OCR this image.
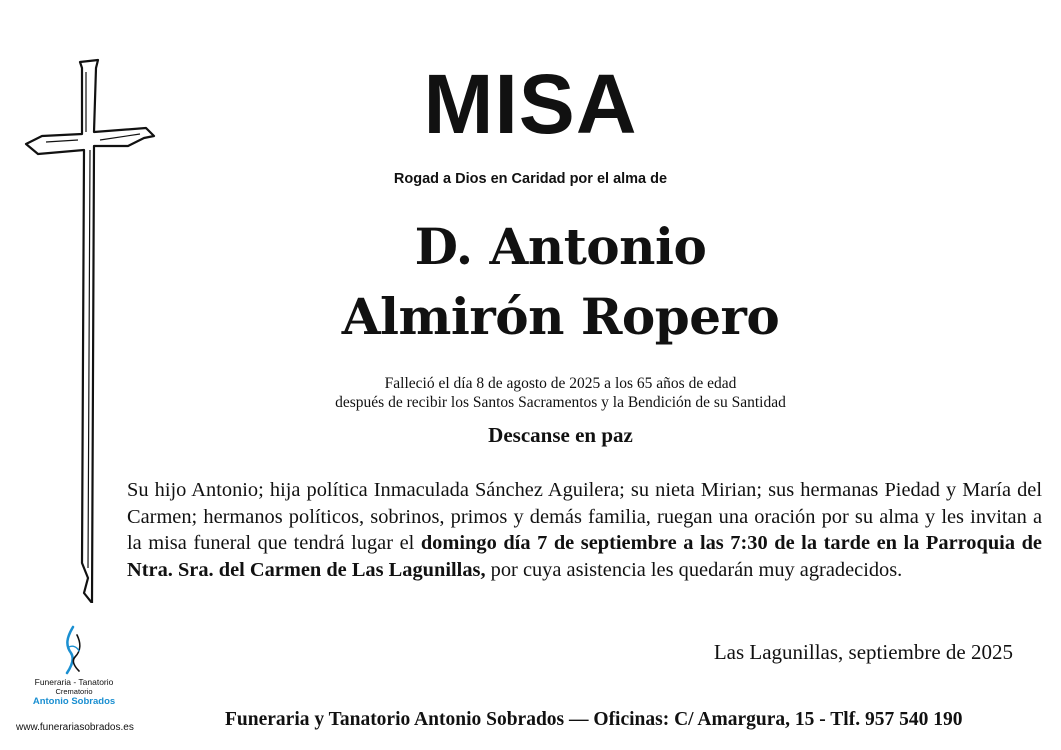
MISA
Rogad a Dios en Caridad por el alma de
D. Antonio
Almirón Ropero
Falleció el día 8 de agosto de 2025 a los 65 años de edad
después de recibir los Santos Sacramentos y la Bendición de su Santidad
Descanse en paz
Su hijo Antonio; hija política Inmaculada Sánchez Aguilera; su nieta Mirian; sus hermanas Piedad y María del Carmen; hermanos políticos, sobrinos, primos y demás familia, ruegan una oración por su alma y les invitan a la misa funeral que tendrá lugar el domingo día 7 de septiembre a las 7:30 de la tarde en la Parroquia de Ntra. Sra. del Carmen de Las Lagunillas, por cuya asistencia les quedarán muy agradecidos.
Las Lagunillas, septiembre de 2025
Funeraria - Tanatorio
Crematorio
Antonio Sobrados
www.funerariasobrados.es	Funeraria y Tanatorio Antonio Sobrados — Oficinas: C/ Amargura, 15 - Tlf. 957 540 190
